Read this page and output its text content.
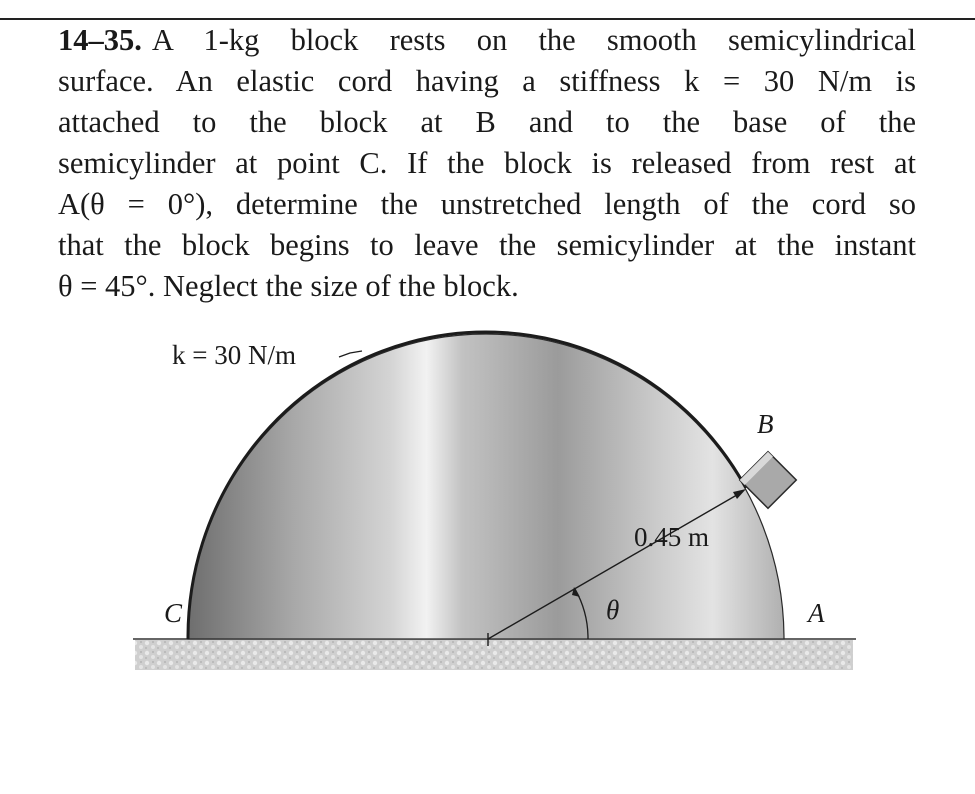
14–35. A 1-kg block rests on the smooth semicylindrical
surface. An elastic cord having a stiffness k = 30 N/m is
attached to the block at B and to the base of the
semicylinder at point C. If the block is released from rest at
A(θ = 0°), determine the unstretched length of the cord so
that the block begins to leave the semicylinder at the instant
θ = 45°. Neglect the size of the block.
k = 30 N/m
0.45 m
θ
B
C	A
